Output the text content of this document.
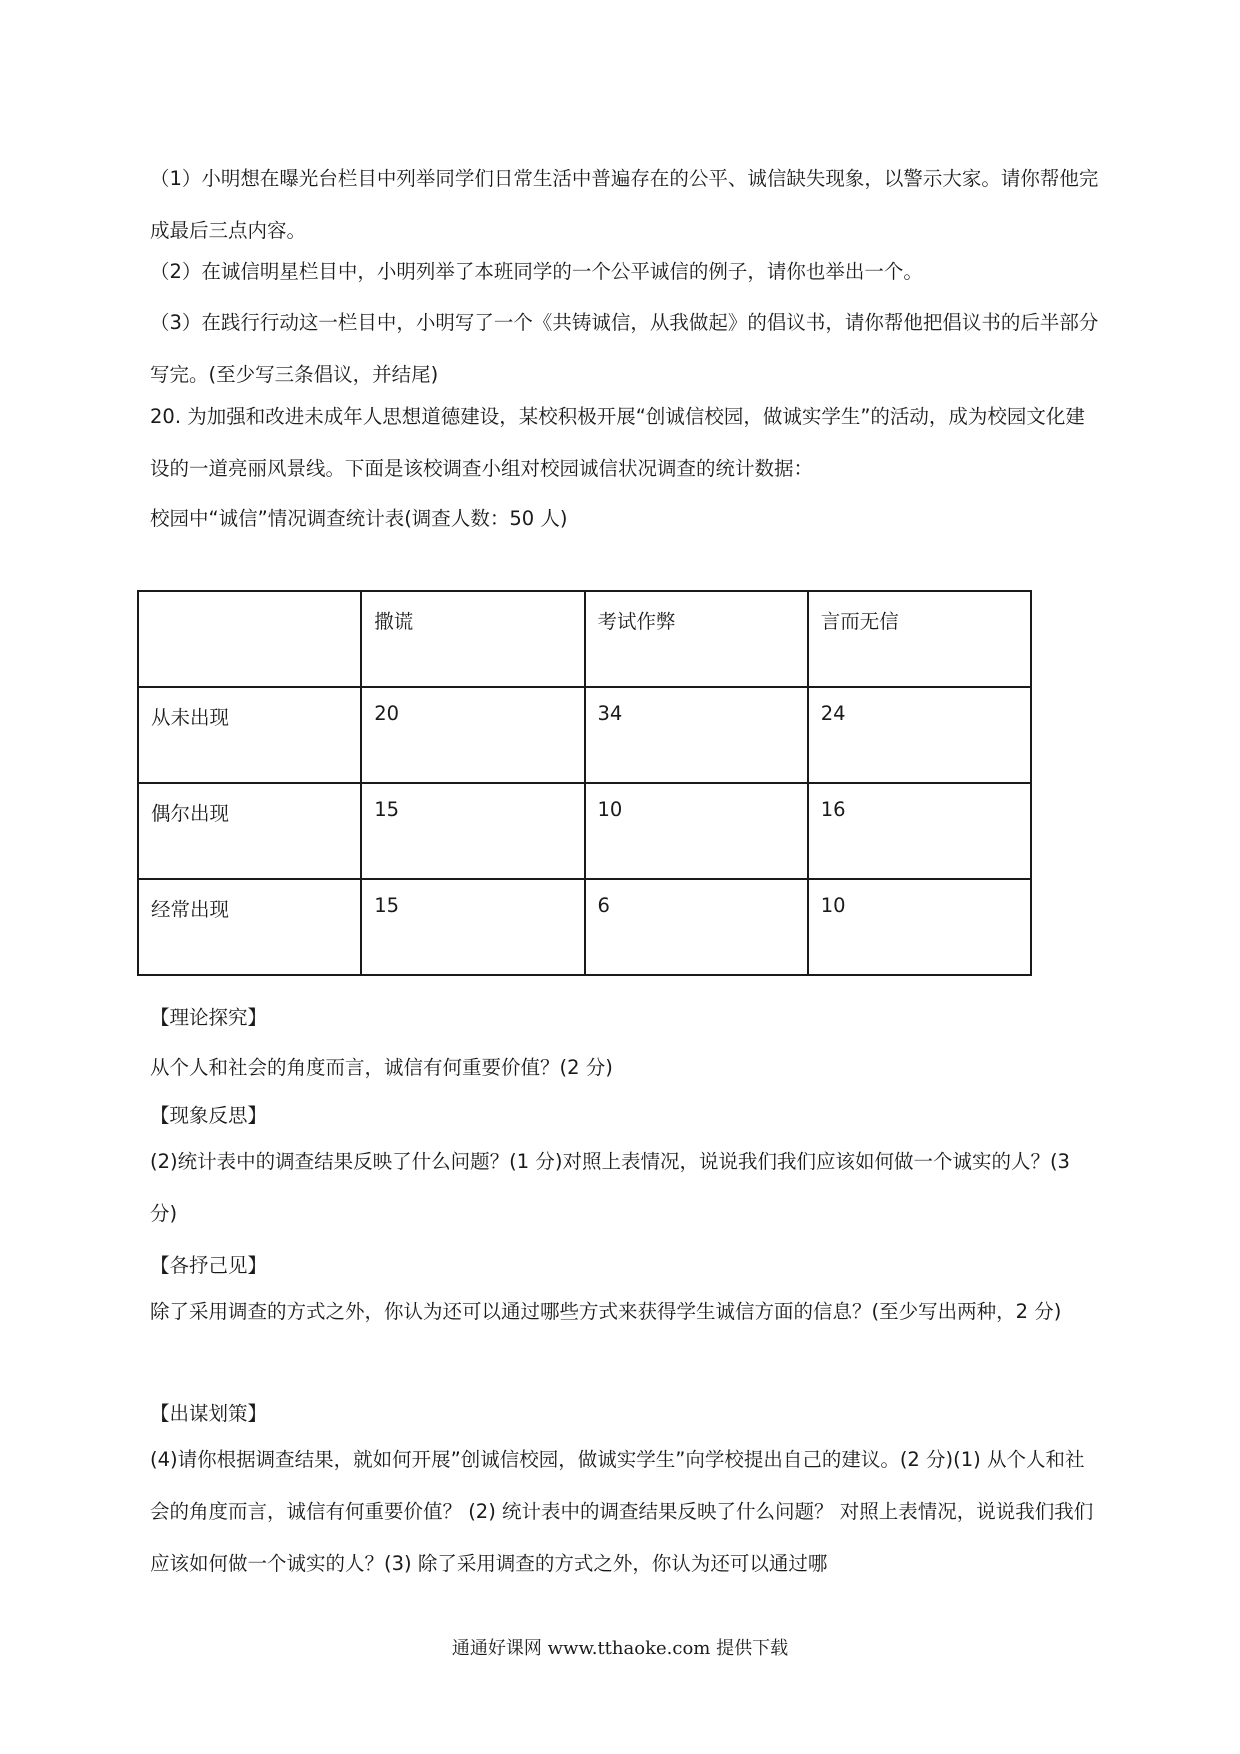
（1）小明想在曝光台栏目中列举同学们日常生活中普遍存在的公平、诚信缺失现象，以警示大家。请你帮他完成最后三点内容。

（2）在诚信明星栏目中，小明列举了本班同学的一个公平诚信的例子，请你也举出一个。

（3）在践行行动这一栏目中，小明写了一个《共铸诚信，从我做起》的倡议书，请你帮他把倡议书的后半部分写完。(至少写三条倡议，并结尾)

20. 为加强和改进未成年人思想道德建设，某校积极开展“创诚信校园，做诚实学生”的活动，成为校园文化建设的一道亮丽风景线。下面是该校调查小组对校园诚信状况调查的统计数据：

校园中“诚信”情况调查统计表(调查人数：50 人)

	撒谎	考试作弊	言而无信
从未出现	20	34	24
偶尔出现	15	10	16
经常出现	15	6	10

【理论探究】

从个人和社会的角度而言，诚信有何重要价值？(2 分)

【现象反思】

(2)统计表中的调查结果反映了什么问题？(1 分)对照上表情况，说说我们我们应该如何做一个诚实的人？(3 分)

【各抒己见】

除了采用调查的方式之外，你认为还可以通过哪些方式来获得学生诚信方面的信息？(至少写出两种，2 分)

【出谋划策】

(4)请你根据调查结果，就如何开展”创诚信校园，做诚实学生”向学校提出自己的建议。(2 分)(1) 从个人和社会的角度而言，诚信有何重要价值？ (2) 统计表中的调查结果反映了什么问题？ 对照上表情况，说说我们我们应该如何做一个诚实的人？(3) 除了采用调查的方式之外，你认为还可以通过哪

通通好课网 www.tthaoke.com 提供下载
